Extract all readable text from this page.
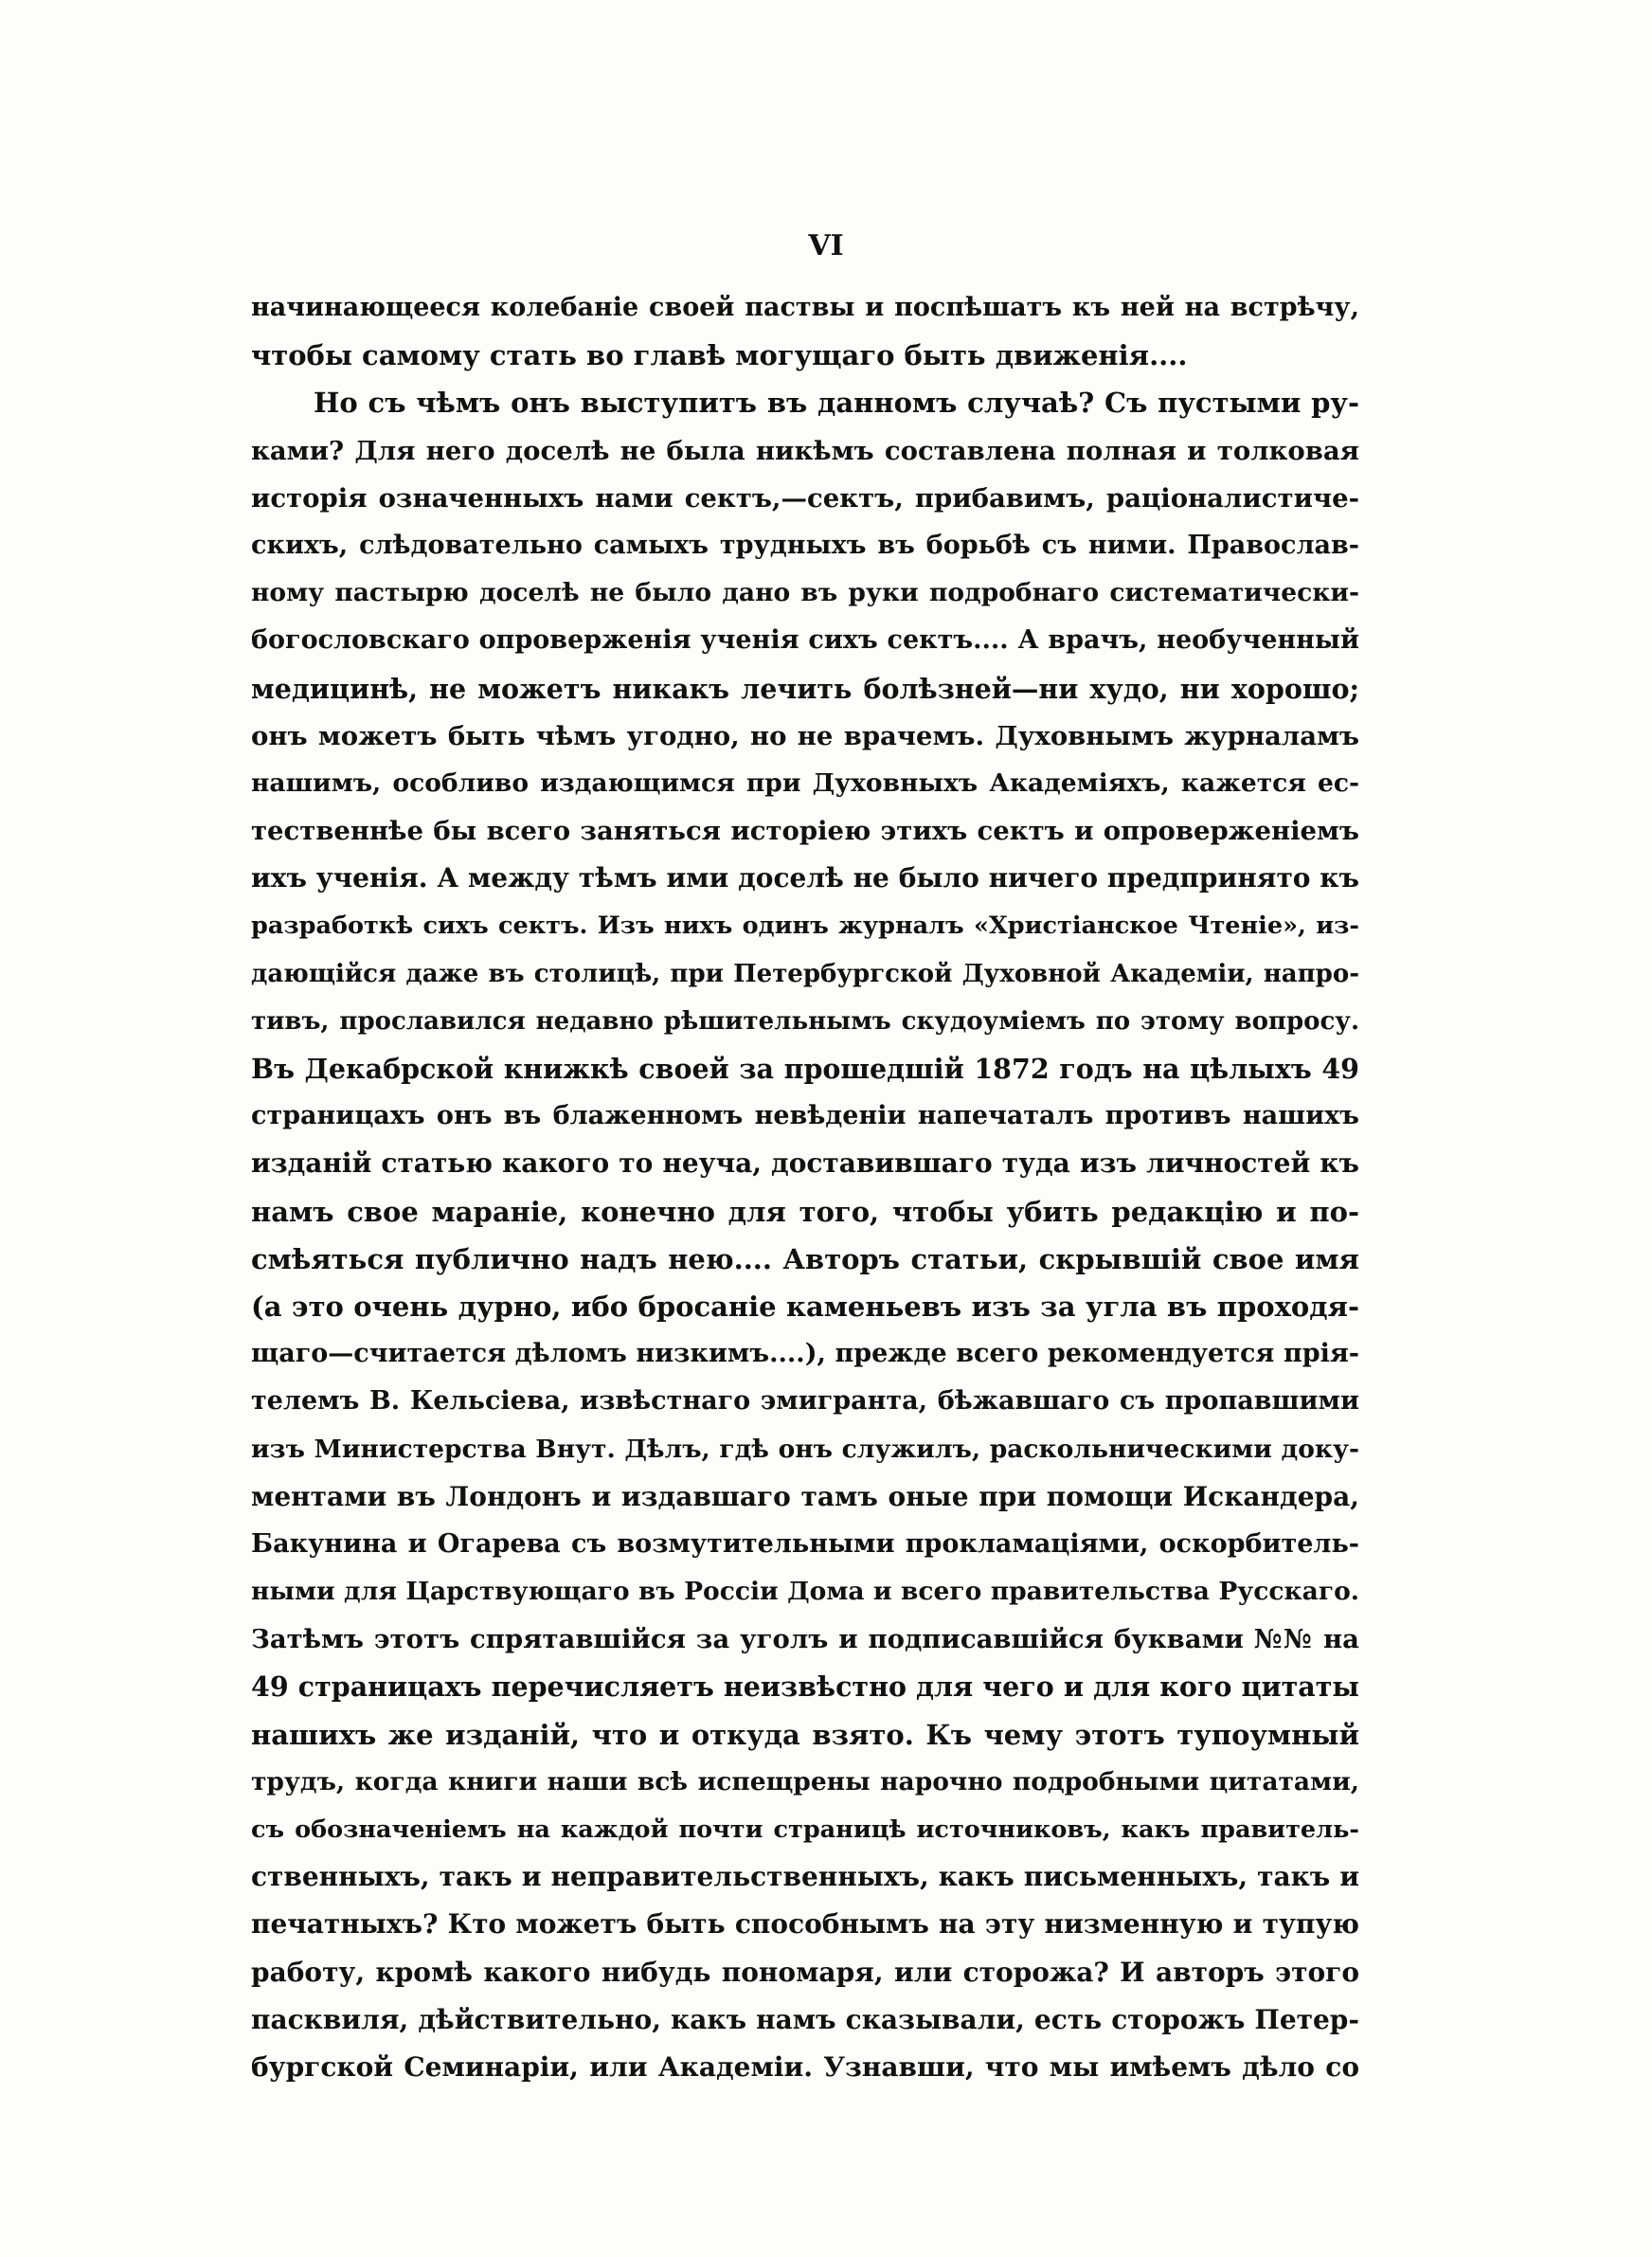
VI
начинающееся колебаніе своей паствы и поспѣшатъ къ ней на встрѣчу,
чтобы самому стать во главѣ могущаго быть движенія....
Но съ чѣмъ онъ выступитъ въ данномъ случаѣ? Съ пустыми ру-
ками? Для него доселѣ не была никѣмъ составлена полная и толковая
исторія означенныхъ нами сектъ,—сектъ, прибавимъ, раціоналистиче-
скихъ, слѣдовательно самыхъ трудныхъ въ борьбѣ съ ними. Православ-
ному пастырю доселѣ не было дано въ руки подробнаго систематически-
богословскаго опроверженія ученія сихъ сектъ.... А врачъ, необученный
медицинѣ, не можетъ никакъ лечить болѣзней—ни худо, ни хорошо;
онъ можетъ быть чѣмъ угодно, но не врачемъ. Духовнымъ журналамъ
нашимъ, особливо издающимся при Духовныхъ Академіяхъ, кажется ес-
тественнѣе бы всего заняться исторіею этихъ сектъ и опроверженіемъ
ихъ ученія. А между тѣмъ ими доселѣ не было ничего предпринято къ
разработкѣ сихъ сектъ. Изъ нихъ одинъ журналъ «Христіанское Чтеніе», из-
дающійся даже въ столицѣ, при Петербургской Духовной Академіи, напро-
тивъ, прославился недавно рѣшительнымъ скудоуміемъ по этому вопросу.
Въ Декабрской книжкѣ своей за прошедшій 1872 годъ на цѣлыхъ 49
страницахъ онъ въ блаженномъ невѣденіи напечаталъ противъ нашихъ
изданій статью какого то неуча, доставившаго туда изъ личностей къ
намъ свое мараніе, конечно для того, чтобы убить редакцію и по-
смѣяться публично надъ нею.... Авторъ статьи, скрывшій свое имя
(а это очень дурно, ибо бросаніе каменьевъ изъ за угла въ проходя-
щаго—считается дѣломъ низкимъ....), прежде всего рекомендуется прія-
телемъ В. Кельсіева, извѣстнаго эмигранта, бѣжавшаго съ пропавшими
изъ Министерства Внут. Дѣлъ, гдѣ онъ служилъ, раскольническими доку-
ментами въ Лондонъ и издавшаго тамъ оные при помощи Искандера,
Бакунина и Огарева съ возмутительными прокламаціями, оскорбитель-
ными для Царствующаго въ Россіи Дома и всего правительства Русскаго.
Затѣмъ этотъ спрятавшійся за уголъ и подписавшійся буквами №№ на
49 страницахъ перечисляетъ неизвѣстно для чего и для кого цитаты
нашихъ же изданій, что и откуда взято. Къ чему этотъ тупоумный
трудъ, когда книги наши всѣ испещрены нарочно подробными цитатами,
съ обозначеніемъ на каждой почти страницѣ источниковъ, какъ правитель-
ственныхъ, такъ и неправительственныхъ, какъ письменныхъ, такъ и
печатныхъ? Кто можетъ быть способнымъ на эту низменную и тупую
работу, кромѣ какого нибудь пономаря, или сторожа? И авторъ этого
пасквиля, дѣйствительно, какъ намъ сказывали, есть сторожъ Петер-
бургской Семинаріи, или Академіи. Узнавши, что мы имѣемъ дѣло со
